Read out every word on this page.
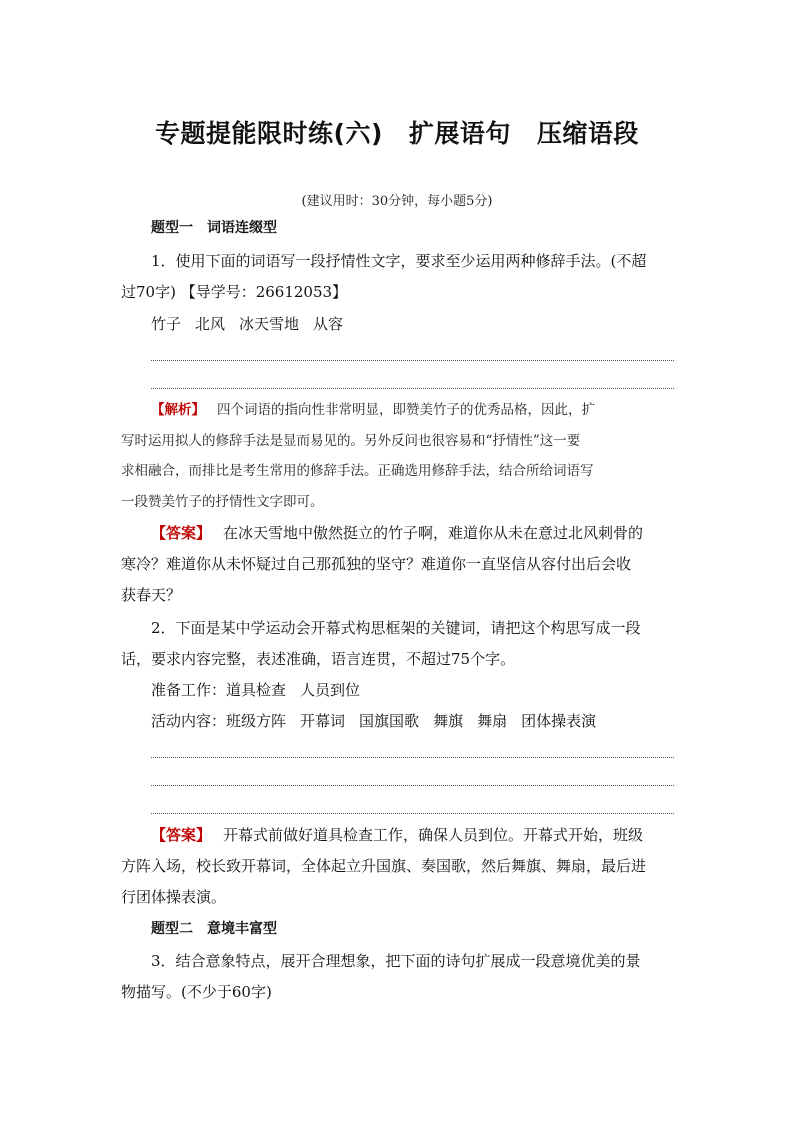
专题提能限时练(六) 扩展语句 压缩语段
(建议用时：30分钟，每小题5分)
题型一 词语连缀型
1．使用下面的词语写一段抒情性文字，要求至少运用两种修辞手法。(不超
过70字) 【导学号：26612053】
竹子 北风 冰天雪地 从容
【解析】 四个词语的指向性非常明显，即赞美竹子的优秀品格，因此，扩
写时运用拟人的修辞手法是显而易见的。另外反问也很容易和“抒情性”这一要
求相融合，而排比是考生常用的修辞手法。正确选用修辞手法，结合所给词语写
一段赞美竹子的抒情性文字即可。
【答案】 在冰天雪地中傲然挺立的竹子啊，难道你从未在意过北风刺骨的
寒冷？难道你从未怀疑过自己那孤独的坚守？难道你一直坚信从容付出后会收
获春天？
2．下面是某中学运动会开幕式构思框架的关键词，请把这个构思写成一段
话，要求内容完整，表述准确，语言连贯，不超过75个字。
准备工作：道具检查 人员到位
活动内容：班级方阵 开幕词 国旗国歌 舞旗 舞扇 团体操表演
【答案】 开幕式前做好道具检查工作，确保人员到位。开幕式开始，班级
方阵入场，校长致开幕词，全体起立升国旗、奏国歌，然后舞旗、舞扇，最后进
行团体操表演。
题型二 意境丰富型
3．结合意象特点，展开合理想象，把下面的诗句扩展成一段意境优美的景
物描写。(不少于60字)
